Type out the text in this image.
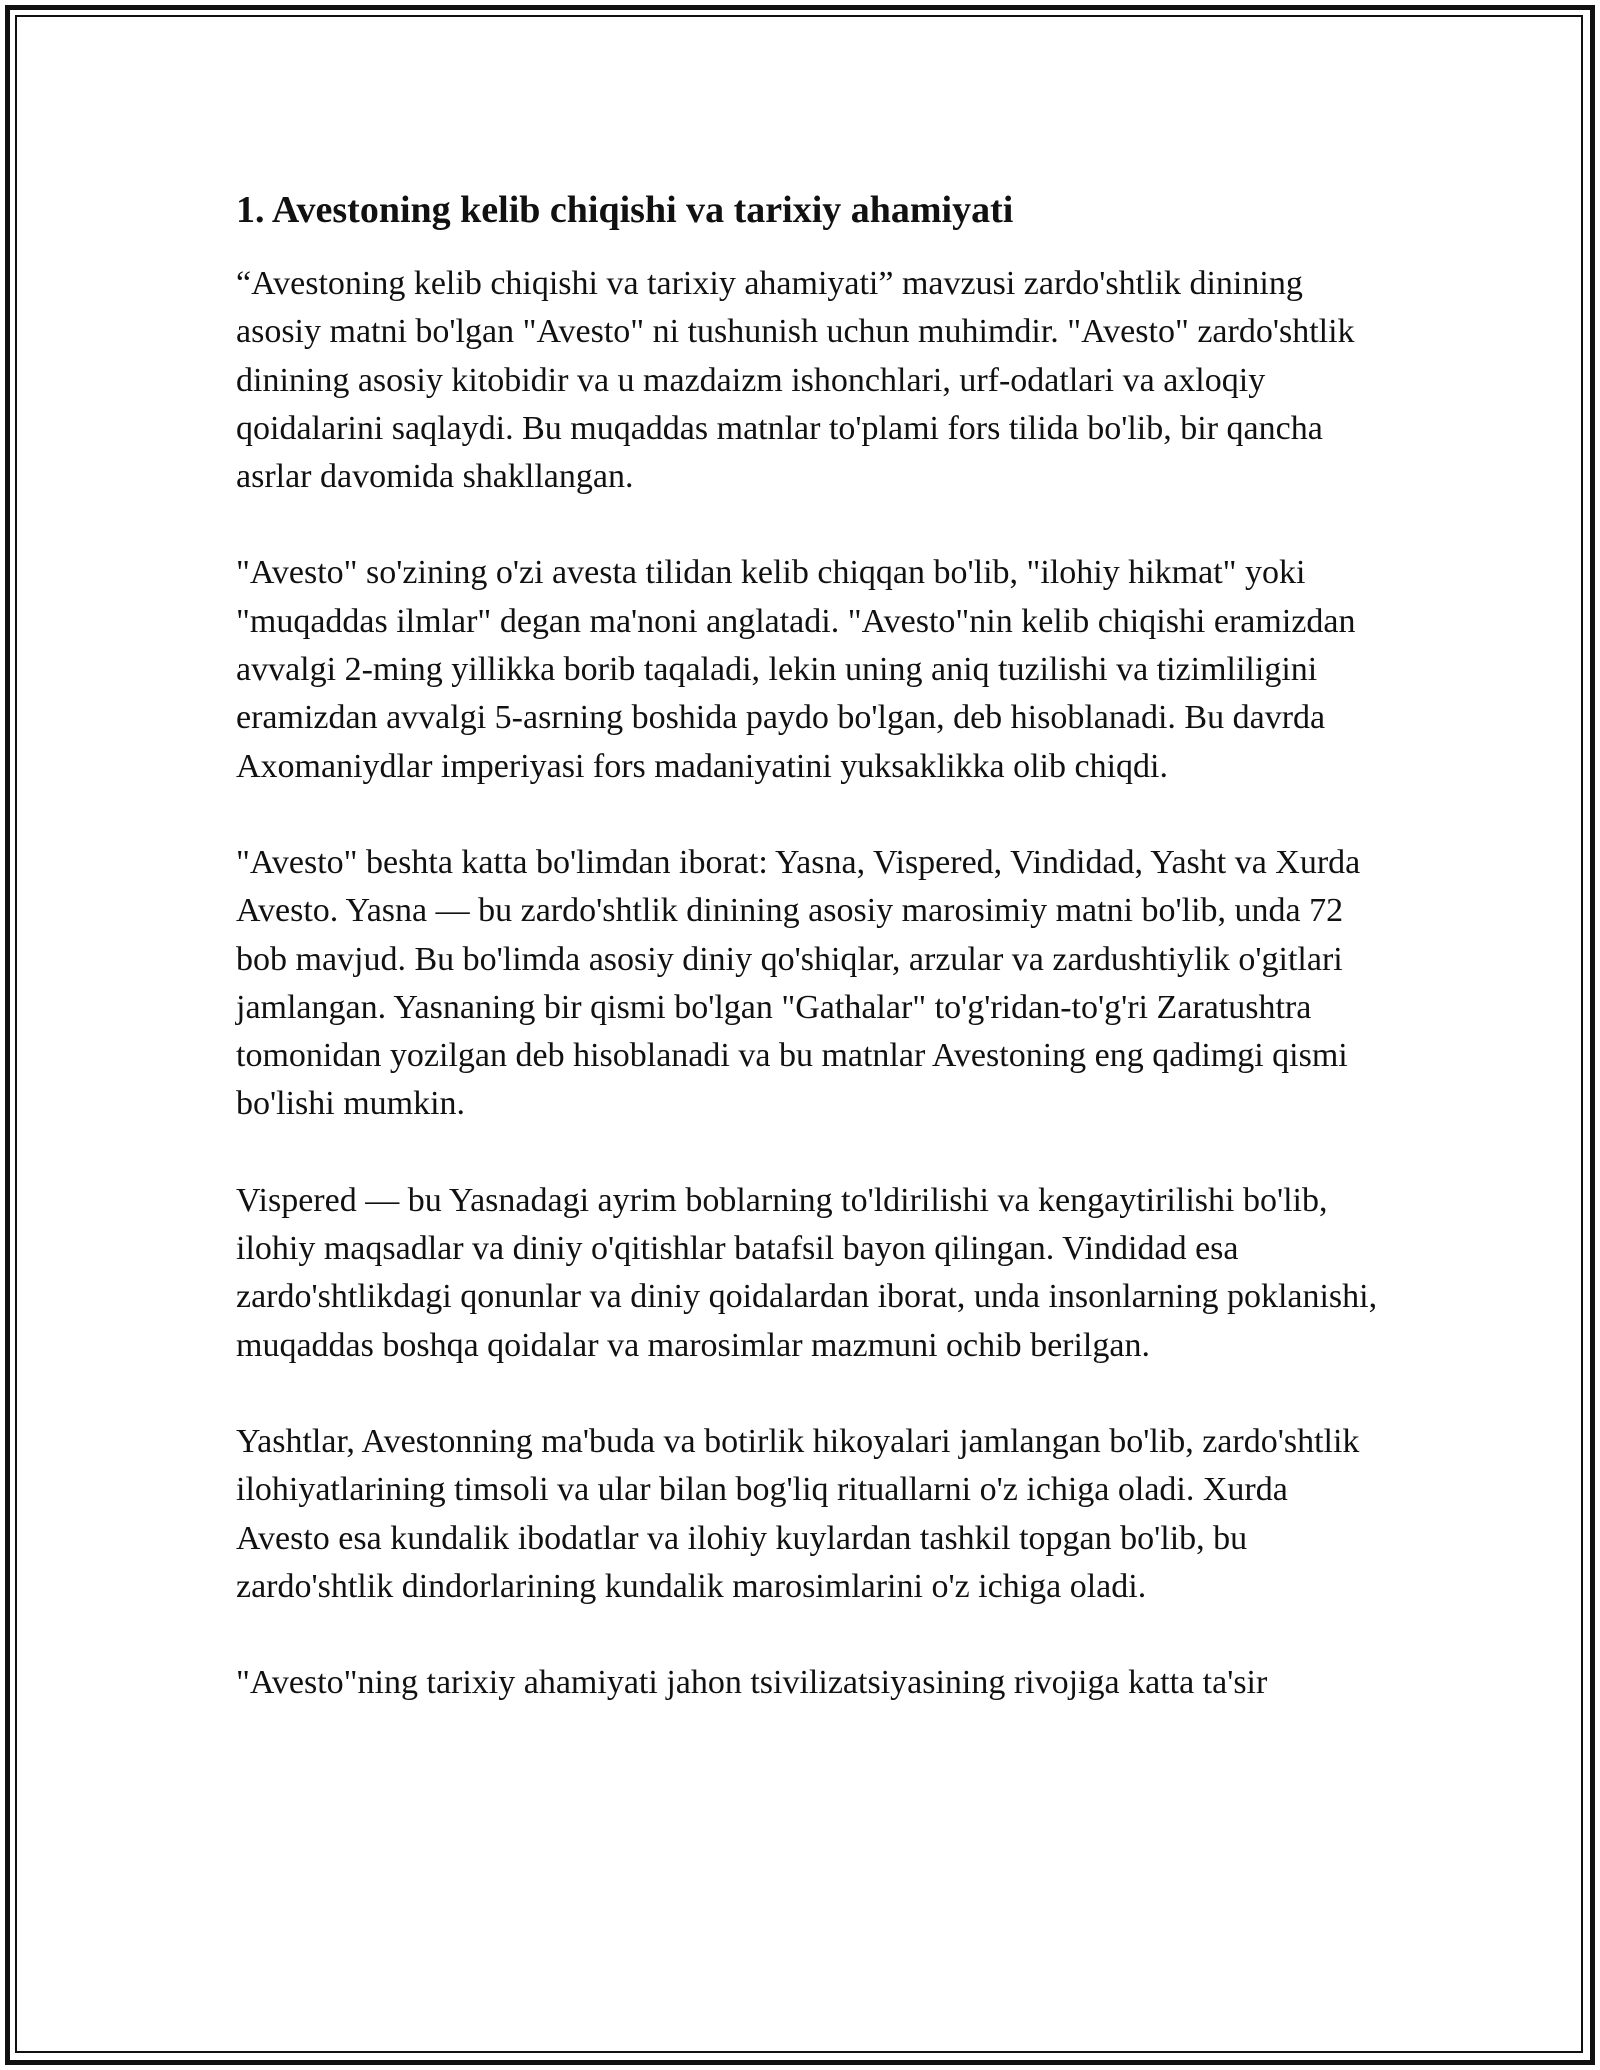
1. Avestoning kelib chiqishi va tarixiy ahamiyati

“Avestoning kelib chiqishi va tarixiy ahamiyati” mavzusi zardo'shtlik dinining asosiy matni bo'lgan "Avesto" ni tushunish uchun muhimdir. "Avesto" zardo'shtlik dinining asosiy kitobidir va u mazdaizm ishonchlari, urf-odatlari va axloqiy qoidalarini saqlaydi. Bu muqaddas matnlar to'plami fors tilida bo'lib, bir qancha asrlar davomida shakllangan.

"Avesto" so'zining o'zi avesta tilidan kelib chiqqan bo'lib, "ilohiy hikmat" yoki "muqaddas ilmlar" degan ma'noni anglatadi. "Avesto"nin kelib chiqishi eramizdan avvalgi 2-ming yillikka borib taqaladi, lekin uning aniq tuzilishi va tizimliligini eramizdan avvalgi 5-asrning boshida paydo bo'lgan, deb hisoblanadi. Bu davrda Axomaniydlar imperiyasi fors madaniyatini yuksaklikka olib chiqdi.

"Avesto" beshta katta bo'limdan iborat: Yasna, Vispered, Vindidad, Yasht va Xurda Avesto. Yasna — bu zardo'shtlik dinining asosiy marosimiy matni bo'lib, unda 72 bob mavjud. Bu bo'limda asosiy diniy qo'shiqlar, arzular va zardushtiylik o'gitlari jamlangan. Yasnaning bir qismi bo'lgan "Gathalar" to'g'ridan-to'g'ri Zaratushtra tomonidan yozilgan deb hisoblanadi va bu matnlar Avestoning eng qadimgi qismi bo'lishi mumkin.

Vispered — bu Yasnadagi ayrim boblarning to'ldirilishi va kengaytirilishi bo'lib, ilohiy maqsadlar va diniy o'qitishlar batafsil bayon qilingan. Vindidad esa zardo'shtlikdagi qonunlar va diniy qoidalardan iborat, unda insonlarning poklanishi, muqaddas boshqa qoidalar va marosimlar mazmuni ochib berilgan.

Yashtlar, Avestonning ma'buda va botirlik hikoyalari jamlangan bo'lib, zardo'shtlik ilohiyatlarining timsoli va ular bilan bog'liq rituallarni o'z ichiga oladi. Xurda Avesto esa kundalik ibodatlar va ilohiy kuylardan tashkil topgan bo'lib, bu zardo'shtlik dindorlarining kundalik marosimlarini o'z ichiga oladi.

"Avesto"ning tarixiy ahamiyati jahon tsivilizatsiyasining rivojiga katta ta'sir
